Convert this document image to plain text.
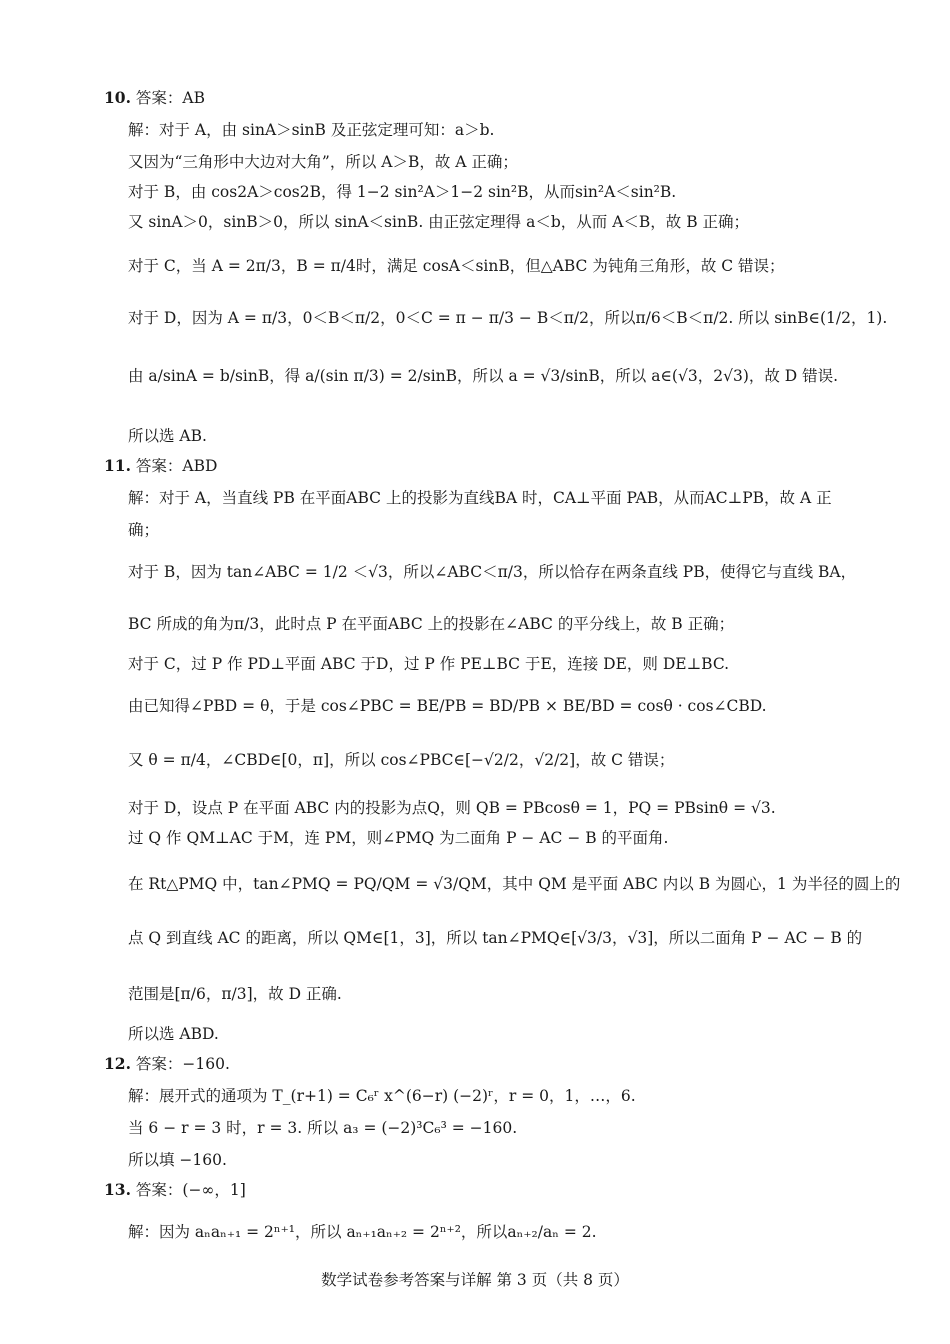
10. 答案：AB
解：对于 A，由 sinA＞sinB 及正弦定理可知：a＞b.
又因为“三角形中大边对大角”，所以 A＞B，故 A 正确；
对于 B，由 cos2A＞cos2B，得 1−2 sin²A＞1−2 sin²B，从而sin²A＜sin²B.
又 sinA＞0，sinB＞0，所以 sinA＜sinB. 由正弦定理得 a＜b，从而 A＜B，故 B 正确；
对于 C，当 A = 2π/3，B = π/4时，满足 cosA＜sinB，但△ABC 为钝角三角形，故 C 错误；
对于 D，因为 A = π/3，0＜B＜π/2，0＜C = π − π/3 − B＜π/2，所以π/6＜B＜π/2. 所以 sinB∈(1/2，1).
由 a/sinA = b/sinB，得 a/(sin π/3) = 2/sinB，所以 a = √3/sinB，所以 a∈(√3，2√3)，故 D 错误.
所以选 AB.
11. 答案：ABD
解：对于 A，当直线 PB 在平面ABC 上的投影为直线BA 时，CA⊥平面 PAB，从而AC⊥PB，故 A 正
确；
对于 B，因为 tan∠ABC = 1/2 ＜√3，所以∠ABC＜π/3，所以恰存在两条直线 PB，使得它与直线 BA，
BC 所成的角为π/3，此时点 P 在平面ABC 上的投影在∠ABC 的平分线上，故 B 正确；
对于 C，过 P 作 PD⊥平面 ABC 于D，过 P 作 PE⊥BC 于E，连接 DE，则 DE⊥BC.
由已知得∠PBD = θ，于是 cos∠PBC = BE/PB = BD/PB × BE/BD = cosθ · cos∠CBD.
又 θ = π/4，∠CBD∈[0，π]，所以 cos∠PBC∈[−√2/2，√2/2]，故 C 错误；
对于 D，设点 P 在平面 ABC 内的投影为点Q，则 QB = PBcosθ = 1，PQ = PBsinθ = √3.
过 Q 作 QM⊥AC 于M，连 PM，则∠PMQ 为二面角 P − AC − B 的平面角.
在 Rt△PMQ 中，tan∠PMQ = PQ/QM = √3/QM，其中 QM 是平面 ABC 内以 B 为圆心，1 为半径的圆上的
点 Q 到直线 AC 的距离，所以 QM∈[1，3]，所以 tan∠PMQ∈[√3/3，√3]，所以二面角 P − AC − B 的
范围是[π/6，π/3]，故 D 正确.
所以选 ABD.
12. 答案：−160.
解：展开式的通项为 T_(r+1) = C₆ʳ x^(6−r) (−2)ʳ，r = 0，1，…，6.
当 6 − r = 3 时，r = 3. 所以 a₃ = (−2)³C₆³ = −160.
所以填 −160.
13. 答案：(−∞，1]
解：因为 aₙaₙ₊₁ = 2ⁿ⁺¹，所以 aₙ₊₁aₙ₊₂ = 2ⁿ⁺²，所以aₙ₊₂/aₙ = 2.
数学试卷参考答案与详解 第 3 页（共 8 页）
